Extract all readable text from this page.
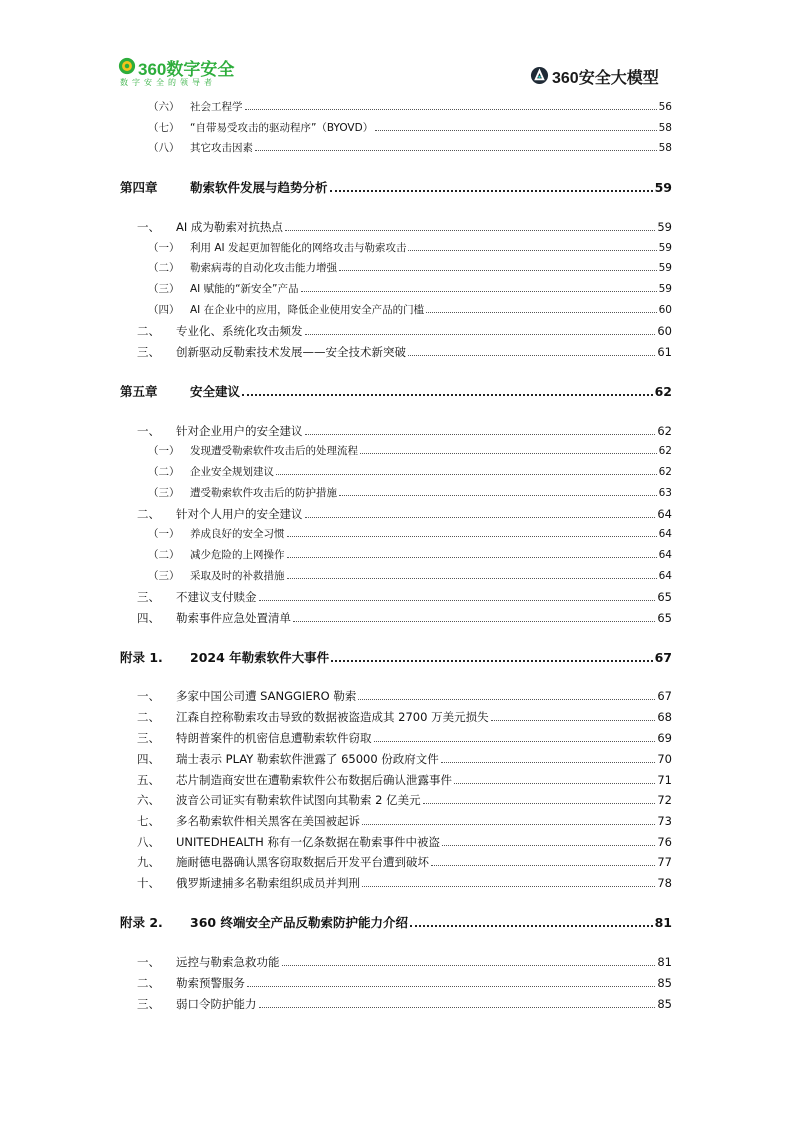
360数字安全
数字安全的领导者	360安全大模型
（六）	社会工程学	56
（七）	“自带易受攻击的驱动程序”（BYOVD）	58
（八）	其它攻击因素	58
第四章	勒索软件发展与趋势分析	59
一、	AI 成为勒索对抗热点	59
（一）	利用 AI 发起更加智能化的网络攻击与勒索攻击	59
（二）	勒索病毒的自动化攻击能力增强	59
（三）	AI 赋能的“新安全”产品	59
（四）	AI 在企业中的应用，降低企业使用安全产品的门槛	60
二、	专业化、系统化攻击频发	60
三、	创新驱动反勒索技术发展——安全技术新突破	61
第五章	安全建议	62
一、	针对企业用户的安全建议	62
（一）	发现遭受勒索软件攻击后的处理流程	62
（二）	企业安全规划建议	62
（三）	遭受勒索软件攻击后的防护措施	63
二、	针对个人用户的安全建议	64
（一）	养成良好的安全习惯	64
（二）	减少危险的上网操作	64
（三）	采取及时的补救措施	64
三、	不建议支付赎金	65
四、	勒索事件应急处置清单	65
附录 1.	2024 年勒索软件大事件	67
一、	多家中国公司遭 SANGGIERO 勒索	67
二、	江森自控称勒索攻击导致的数据被盗造成其 2700 万美元损失	68
三、	特朗普案件的机密信息遭勒索软件窃取	69
四、	瑞士表示 PLAY 勒索软件泄露了 65000 份政府文件	70
五、	芯片制造商安世在遭勒索软件公布数据后确认泄露事件	71
六、	波音公司证实有勒索软件试图向其勒索 2 亿美元	72
七、	多名勒索软件相关黑客在美国被起诉	73
八、	UNITEDHEALTH 称有一亿条数据在勒索事件中被盗	76
九、	施耐德电器确认黑客窃取数据后开发平台遭到破坏	77
十、	俄罗斯逮捕多名勒索组织成员并判刑	78
附录 2.	360 终端安全产品反勒索防护能力介绍	81
一、	远控与勒索急救功能	81
二、	勒索预警服务	85
三、	弱口令防护能力	85
